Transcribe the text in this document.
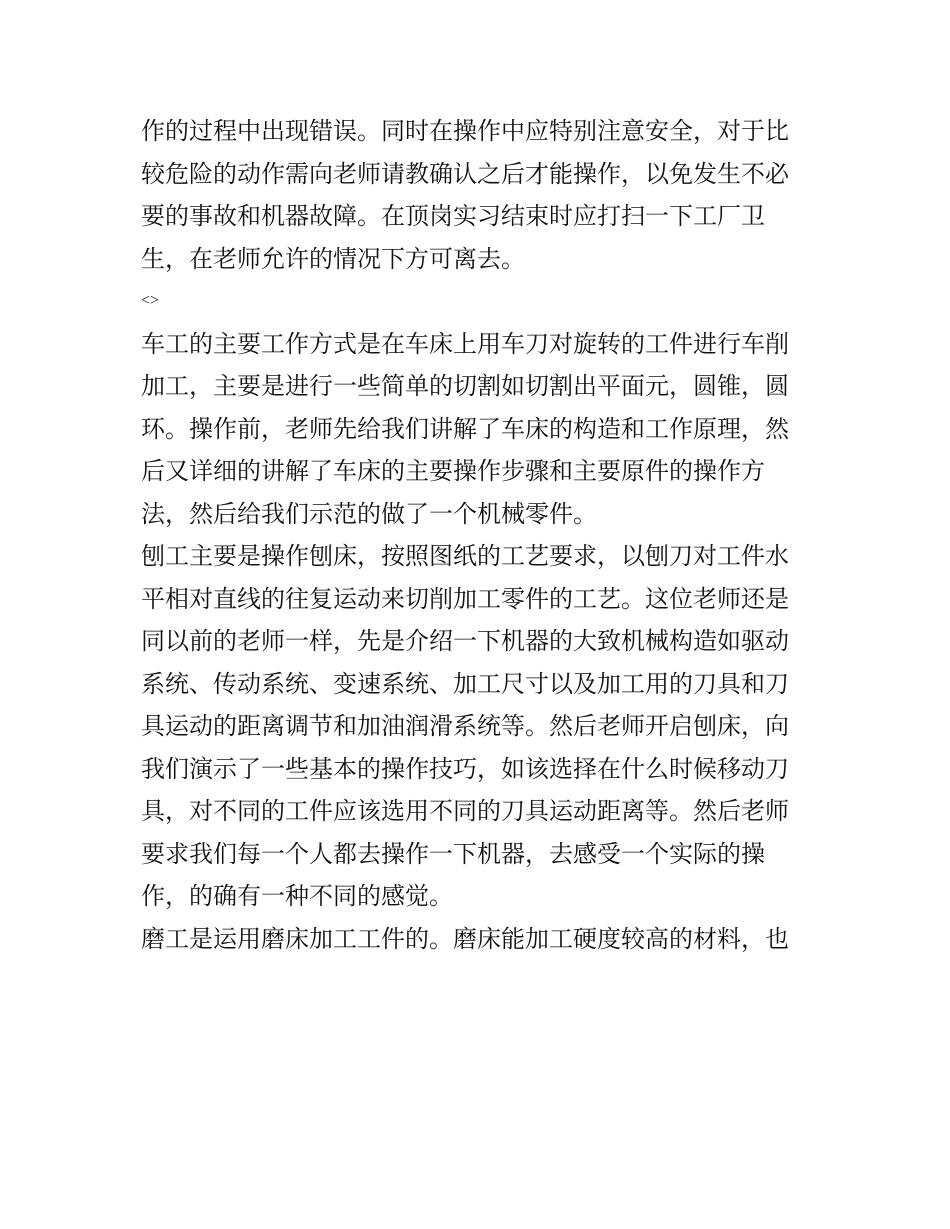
作的过程中出现错误。同时在操作中应特别注意安全，对于比
较危险的动作需向老师请教确认之后才能操作，以免发生不必
要的事故和机器故障。在顶岗实习结束时应打扫一下工厂卫
生，在老师允许的情况下方可离去。
<>
车工的主要工作方式是在车床上用车刀对旋转的工件进行车削
加工，主要是进行一些简单的切割如切割出平面元，圆锥，圆
环。操作前，老师先给我们讲解了车床的构造和工作原理，然
后又详细的讲解了车床的主要操作步骤和主要原件的操作方
法，然后给我们示范的做了一个机械零件。
刨工主要是操作刨床，按照图纸的工艺要求，以刨刀对工件水
平相对直线的往复运动来切削加工零件的工艺。这位老师还是
同以前的老师一样，先是介绍一下机器的大致机械构造如驱动
系统、传动系统、变速系统、加工尺寸以及加工用的刀具和刀
具运动的距离调节和加油润滑系统等。然后老师开启刨床，向
我们演示了一些基本的操作技巧，如该选择在什么时候移动刀
具，对不同的工件应该选用不同的刀具运动距离等。然后老师
要求我们每一个人都去操作一下机器，去感受一个实际的操
作，的确有一种不同的感觉。
磨工是运用磨床加工工件的。磨床能加工硬度较高的材料，也
